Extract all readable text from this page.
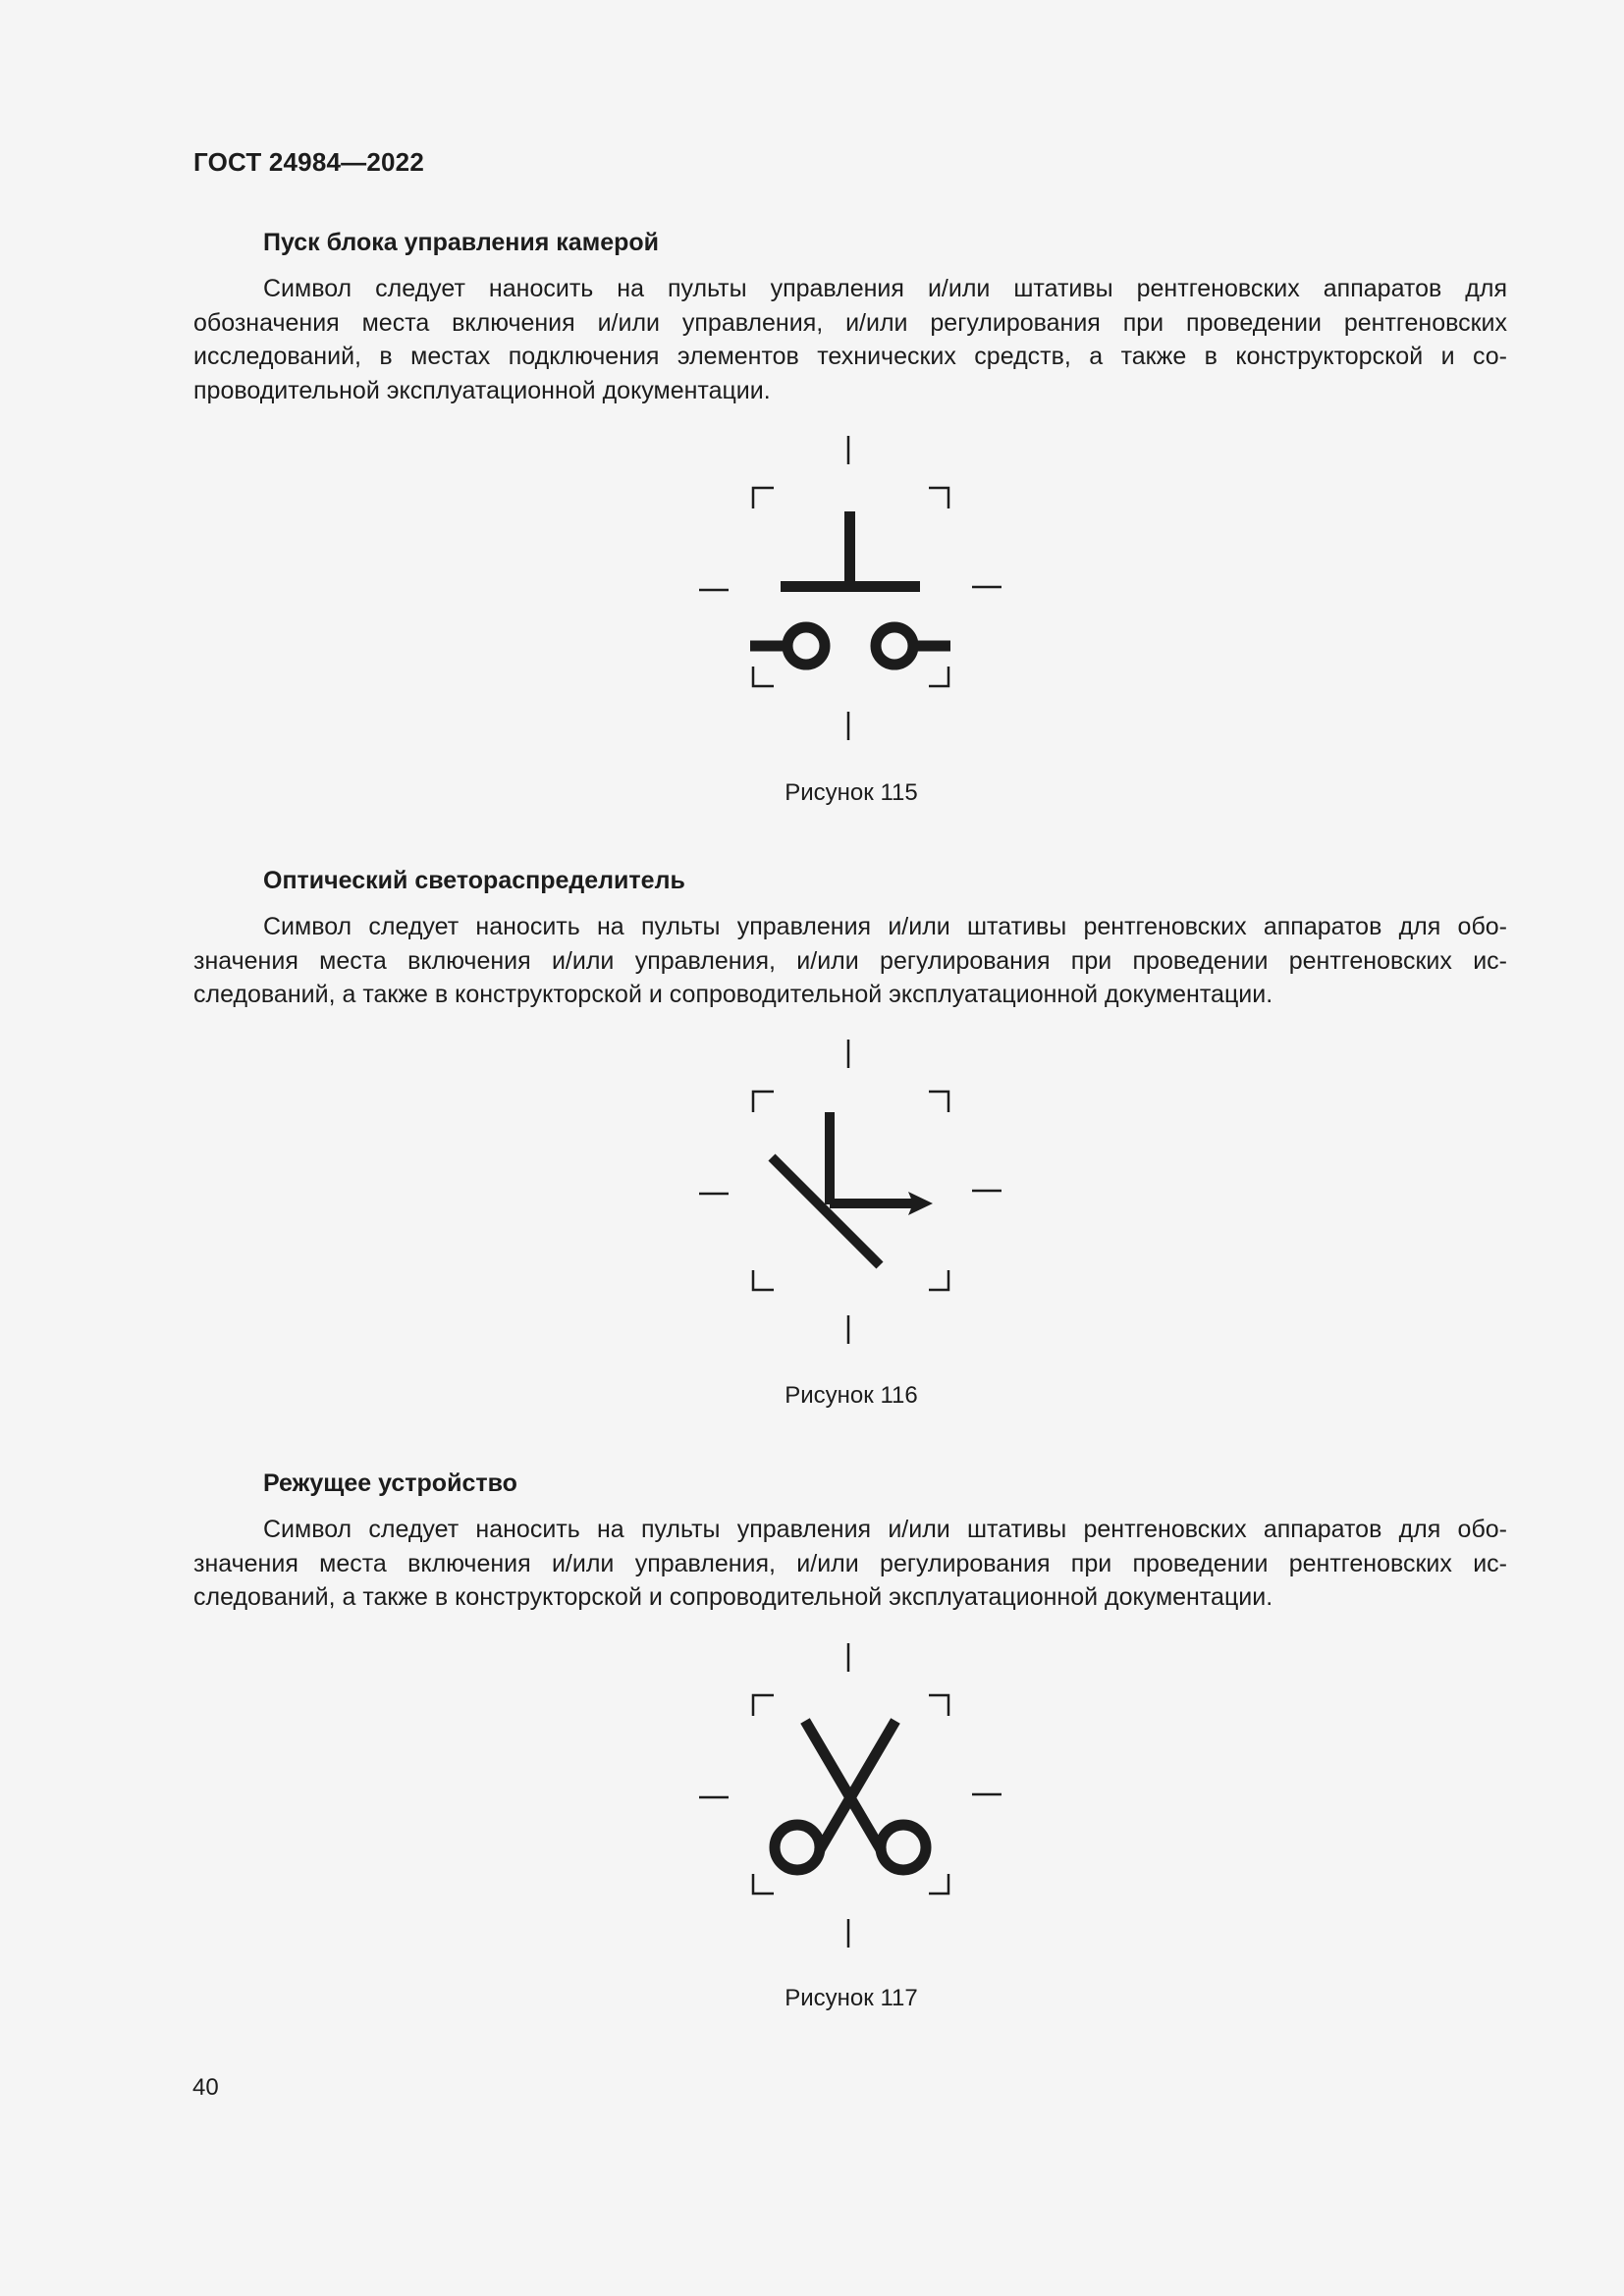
ГОСТ 24984—2022
Пуск блока управления камерой
Символ следует наносить на пульты управления и/или штативы рентгеновских аппаратов для
обозначения места включения и/или управления, и/или регулирования при проведении рентгеновских
исследований, в местах подключения элементов технических средств, а также в конструкторской и со-
проводительной эксплуатационной документации.
Рисунок 115
Оптический светораспределитель
Символ следует наносить на пульты управления и/или штативы рентгеновских аппаратов для обо-
значения места включения и/или управления, и/или регулирования при проведении рентгеновских ис-
следований, а также в конструкторской и сопроводительной эксплуатационной документации.
Рисунок 116
Режущее устройство
Символ следует наносить на пульты управления и/или штативы рентгеновских аппаратов для обо-
значения места включения и/или управления, и/или регулирования при проведении рентгеновских ис-
следований, а также в конструкторской и сопроводительной эксплуатационной документации.
Рисунок 117
40
